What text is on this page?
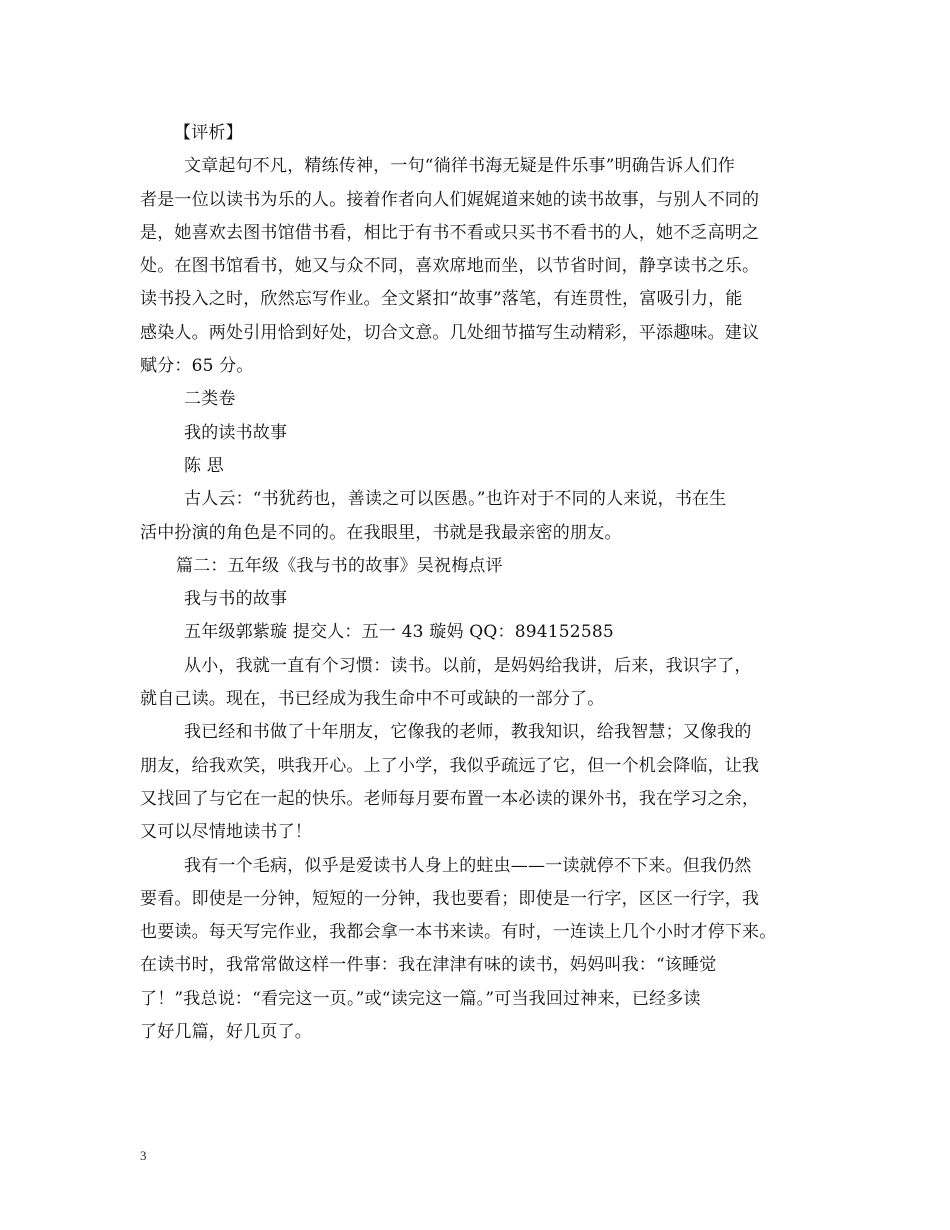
【评析】
文章起句不凡，精练传神，一句“徜徉书海无疑是件乐事”明确告诉人们作
者是一位以读书为乐的人。接着作者向人们娓娓道来她的读书故事，与别人不同的
是，她喜欢去图书馆借书看，相比于有书不看或只买书不看书的人，她不乏高明之
处。在图书馆看书，她又与众不同，喜欢席地而坐，以节省时间，静享读书之乐。
读书投入之时，欣然忘写作业。全文紧扣“故事”落笔，有连贯性，富吸引力，能
感染人。两处引用恰到好处，切合文意。几处细节描写生动精彩，平添趣味。建议
赋分：65 分。
二类卷
我的读书故事
陈 思
古人云：“书犹药也，善读之可以医愚。”也许对于不同的人来说，书在生
活中扮演的角色是不同的。在我眼里，书就是我最亲密的朋友。
篇二：五年级《我与书的故事》吴祝梅点评
我与书的故事
五年级郭紫璇 提交人：五一 43 璇妈 QQ：894152585
从小，我就一直有个习惯：读书。以前，是妈妈给我讲，后来，我识字了，
就自己读。现在，书已经成为我生命中不可或缺的一部分了。
我已经和书做了十年朋友，它像我的老师，教我知识，给我智慧；又像我的
朋友，给我欢笑，哄我开心。上了小学，我似乎疏远了它，但一个机会降临，让我
又找回了与它在一起的快乐。老师每月要布置一本必读的课外书，我在学习之余，
又可以尽情地读书了！
我有一个毛病，似乎是爱读书人身上的蛀虫——一读就停不下来。但我仍然
要看。即使是一分钟，短短的一分钟，我也要看；即使是一行字，区区一行字，我
也要读。每天写完作业，我都会拿一本书来读。有时，一连读上几个小时才停下来。
在读书时，我常常做这样一件事：我在津津有味的读书，妈妈叫我：“该睡觉
了！”我总说：“看完这一页。”或“读完这一篇。”可当我回过神来，已经多读
了好几篇，好几页了。
3
